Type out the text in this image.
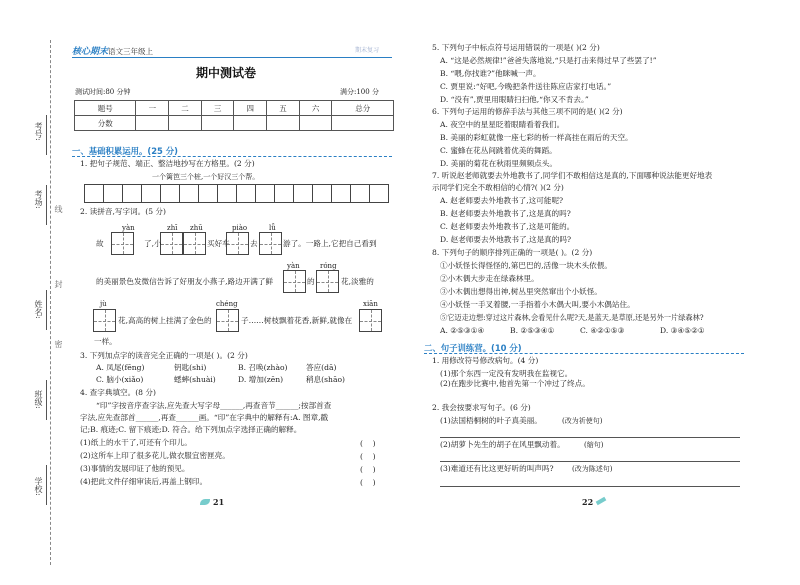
考号:
考场:
姓名:
班级:
学校:
线
封
密
核心期末语文三年级上	期末复习
期中测试卷
测试时间:80 分钟	满分:100 分
题号	一	二	三	四	五	六	总分
分数							
一、基础积累运用。(25 分)
1. 把句子规范、端正、整洁地抄写在方格里。(2 分)
一个篱笆三个桩,一个好汉三个帮。
2. 读拼音,写字词。(5 分)
yàn	zhī zhū	piào	lǚ
故	了,小	买好车	去	游了。一路上,它把自己看到
yàn	róng
的美丽景色发微信告诉了好朋友小燕子,路边开满了鲜	的	花,淡雅的
jù	chéng	xiān
花,高高的树上挂满了金色的	子……树枝飘着花香,新鲜,就像在
一样。
3. 下列加点字的读音完全正确的一项是( )。(2 分)
A. 凤尾(fēng)	钥匙(shi)	B. 召唤(zhào) 答应(dā)
C. 脑小(xiǎo)	蟋蟀(shuài)	D. 增加(zēn)	稍息(shāo)
4. 查字典填空。(8 分)
“印”字按音序查字法,应先查大写字母______,再查音节______;按部首查
字法,应先查部首______,再查______画。“印”在字典中的解释有:A. 图章,戳
记;B. 痕迹;C. 留下痕迹;D. 符合。给下列加点字选择正确的解释。
(1)纸上的水干了,可还有个印儿。	(    )
(2)这所车上印了很多花儿,做衣服宜密匣亮。	(    )
(3)事情的发展印证了他的预见。	(    )
(4)把此文件仔细审读后,再盖上钢印。	(    )
21
5. 下列句子中标点符号运用错误的一项是( )(2 分)
A. “这是必然规律!”爸爸失落地说,“只是打击来得过早了些罢了!”
B. “喂,你找谁?”他眯喊一声。
C. 贾里说:“好吧,今晚把条件送往陈应店家打电话。”
D. “没有”,贾里用眼睛扫扫他,“你又不肯去。”
6. 下列句子运用的修辞手法与其他三项不同的是( )(2 分)
A. 夜空中的星星眨着眼睛看着我们。
B. 美丽的彩虹就像一座七彩的桥一样高挂在雨后的天空。
C. 蜜蜂在花丛间跳着优美的舞蹈。
D. 美丽的菊花在秋雨里频频点头。
7. 听说赵老师就要去外地教书了,同学们不敢相信这是真的,下面哪种说法能更好地表
示同学们完全不敢相信的心情?( )(2 分)
A. 赵老师要去外地教书了,这可能呢?
B. 赵老师要去外地教书了,这是真的吗?
C. 赵老师要去外地教书了,这是可能的。
D. 赵老师要去外地教书了,这是真的吗?
8. 下列句子的顺序排列正确的一项是( )。(2 分)
①小妖怪长得怪怪的,第巴巴的,活像一块木头依偎。
②小木偶大步走在绿森林里。
③小木偶出想得出神,树丛里突然窜出个小妖怪。
④小妖怪一手叉着腰,一手指着小木偶大叫,要小木偶站住。
⑤它迈走边想:穿过这片森林,会看见什么呢?天,是蓝天,是草原,还是另外一片绿森林?
A. ②⑤③①④	B. ②⑤③④①	C. ④②①⑤③	D. ③④⑤②①
二、句子训练营。(10 分)
1. 用修改符号修改病句。(4 分)
(1)那个东西一定没有发明我在监视它。
(2)在跑步比赛中,他首先第一个冲过了终点。
2. 我会按要求写句子。(6 分)
(1)法国梧桐树的叶子真美丽。	(改为祈使句)
(2)胡萝卜先生的胡子在风里飘动着。	(缩句)
(3)难道还有比这更好听的叫声吗?	(改为陈述句)
22
